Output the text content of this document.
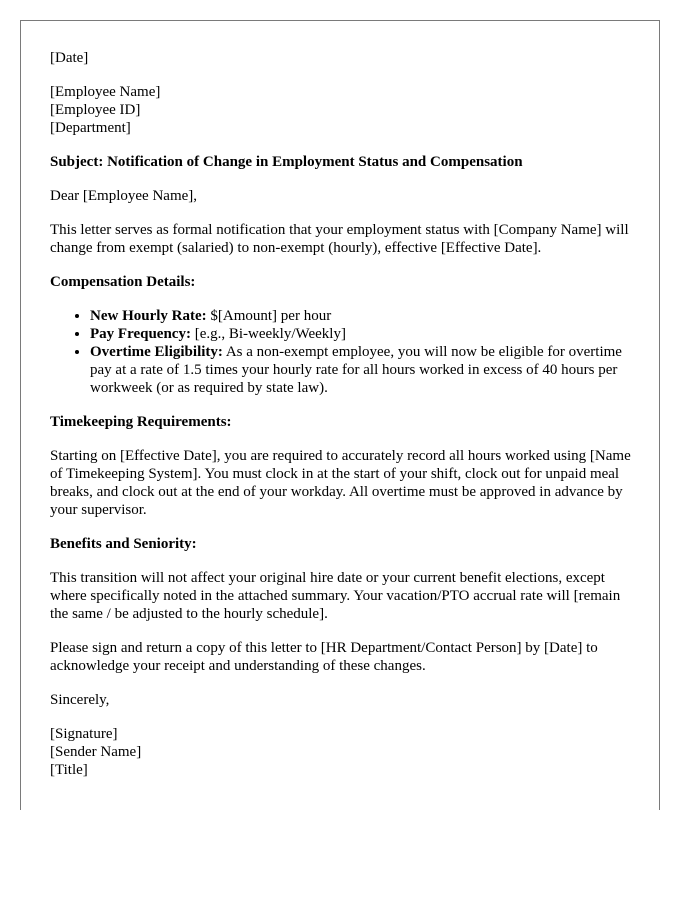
[Date]

[Employee Name]
[Employee ID]
[Department]

Subject: Notification of Change in Employment Status and Compensation

Dear [Employee Name],

This letter serves as formal notification that your employment status with [Company Name] will change from exempt (salaried) to non-exempt (hourly), effective [Effective Date].

Compensation Details:

• New Hourly Rate: $[Amount] per hour
• Pay Frequency: [e.g., Bi-weekly/Weekly]
• Overtime Eligibility: As a non-exempt employee, you will now be eligible for overtime pay at a rate of 1.5 times your hourly rate for all hours worked in excess of 40 hours per workweek (or as required by state law).

Timekeeping Requirements:

Starting on [Effective Date], you are required to accurately record all hours worked using [Name of Timekeeping System]. You must clock in at the start of your shift, clock out for unpaid meal breaks, and clock out at the end of your workday. All overtime must be approved in advance by your supervisor.

Benefits and Seniority:

This transition will not affect your original hire date or your current benefit elections, except where specifically noted in the attached summary. Your vacation/PTO accrual rate will [remain the same / be adjusted to the hourly schedule].

Please sign and return a copy of this letter to [HR Department/Contact Person] by [Date] to acknowledge your receipt and understanding of these changes.

Sincerely,

[Signature]
[Sender Name]
[Title]
